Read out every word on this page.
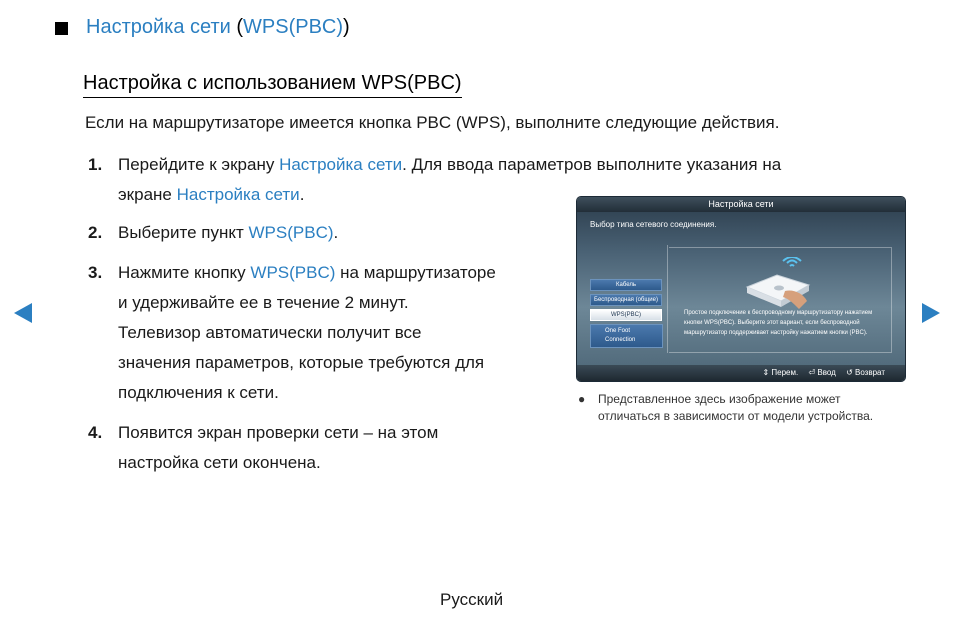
Настройка сети (WPS(PBC))
Настройка с использованием WPS(PBC)
Если на маршрутизаторе имеется кнопка PBC (WPS), выполните следующие действия.
1. Перейдите к экрану Настройка сети. Для ввода параметров выполните указания на
экране Настройка сети.
2. Выберите пункт WPS(PBC).
3. Нажмите кнопку WPS(PBC) на маршрутизаторе
и удерживайте ее в течение 2 минут.
Телевизор автоматически получит все
значения параметров, которые требуются для
подключения к сети.
4. Появится экран проверки сети – на этом
настройка сети окончена.
Настройка сети
Выбор типа сетевого соединения.
Кабель
Беспроводная (общие)
WPS(PBC)
One Foot
Connection
Простое подключение к беспроводному маршрутизатору нажатием кнопки WPS(PBC). Выберите этот вариант, если беспроводной маршрутизатор поддерживает настройку нажатием кнопки (PBC).
⇕ Перем. ⏎ Ввод ↺ Возврат
● Представленное здесь изображение может отличаться в зависимости от модели устройства.
Русский
